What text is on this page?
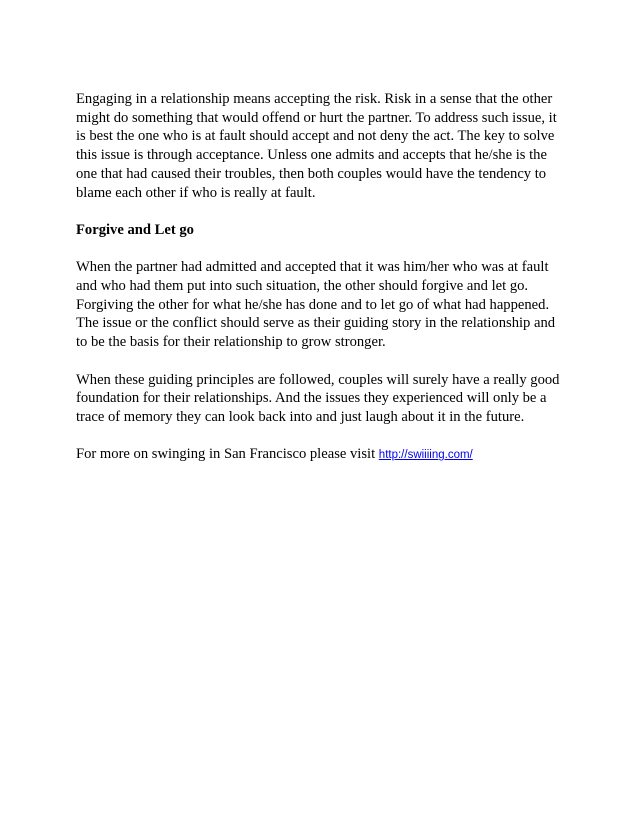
Engaging in a relationship means accepting the risk. Risk in a sense that the other might do something that would offend or hurt the partner. To address such issue, it is best the one who is at fault should accept and not deny the act. The key to solve this issue is through acceptance. Unless one admits and accepts that he/she is the one that had caused their troubles, then both couples would have the tendency to blame each other if who is really at fault.

Forgive and Let go

When the partner had admitted and accepted that it was him/her who was at fault and who had them put into such situation, the other should forgive and let go. Forgiving the other for what he/she has done and to let go of what had happened. The issue or the conflict should serve as their guiding story in the relationship and to be the basis for their relationship to grow stronger.

When these guiding principles are followed, couples will surely have a really good foundation for their relationships. And the issues they experienced will only be a trace of memory they can look back into and just laugh about it in the future.

For more on swinging in San Francisco please visit http://swiiiing.com/
